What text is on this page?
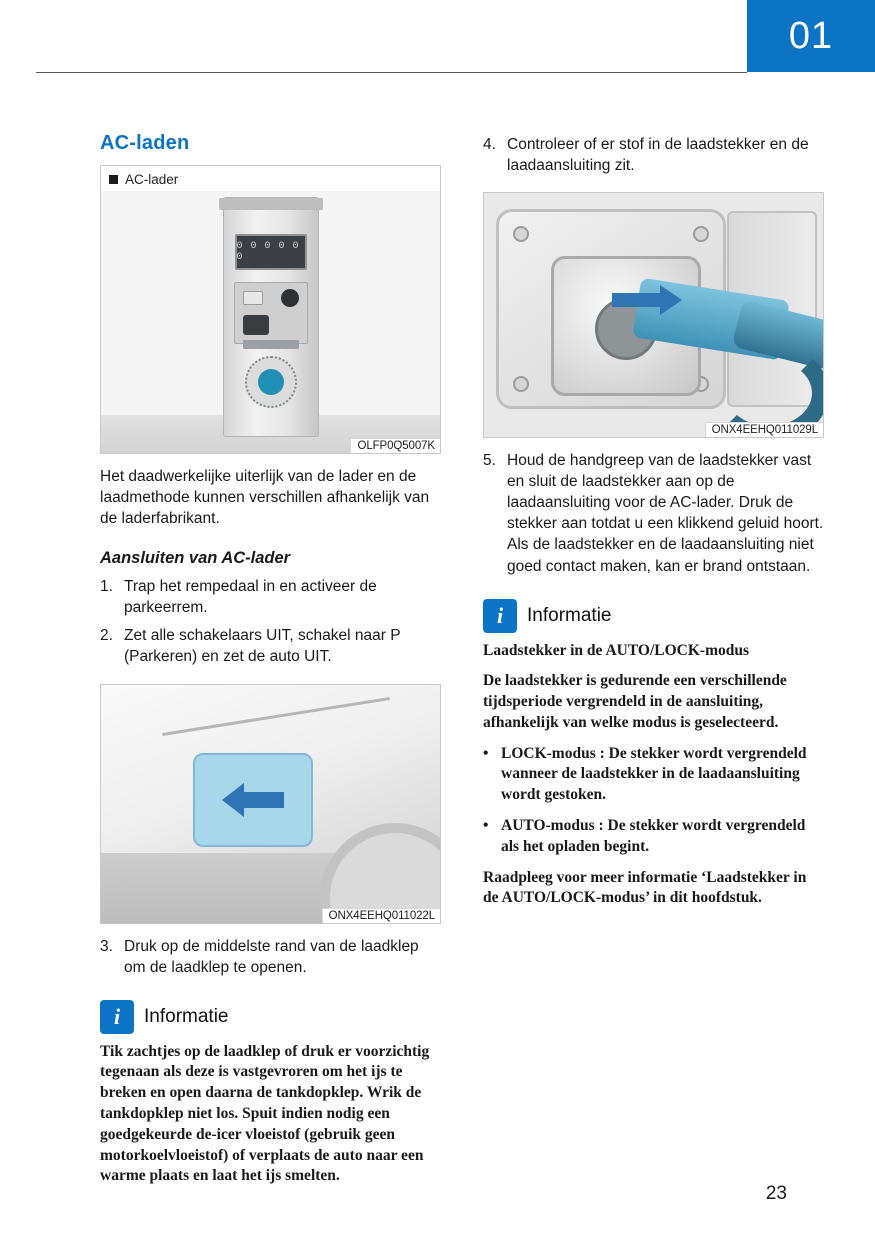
01
AC-laden
AC-lader
0 0 0 0 0 0
OLFP0Q5007K

Het daadwerkelijke uiterlijk van de lader en de laadmethode kunnen verschillen afhankelijk van de laderfabrikant.

Aansluiten van AC-lader
1. Trap het rempedaal in en activeer de parkeerrem.
2. Zet alle schakelaars UIT, schakel naar P (Parkeren) en zet de auto UIT.
ONX4EEHQ011022L
3. Druk op de middelste rand van de laadklep om de laadklep te openen.
i	Informatie

Tik zachtjes op de laadklep of druk er voorzichtig tegenaan als deze is vastgevroren om het ijs te breken en open daarna de tankdopklep. Wrik de tankdopklep niet los. Spuit indien nodig een goedgekeurde de-icer vloeistof (gebruik geen motorkoelvloeistof) of verplaats de auto naar een warme plaats en laat het ijs smelten.

4. Controleer of er stof in de laadstekker en de laadaansluiting zit.
ONX4EEHQ011029L
5. Houd de handgreep van de laadstekker vast en sluit de laadstekker aan op de laadaansluiting voor de AC-lader. Druk de stekker aan totdat u een klikkend geluid hoort. Als de laadstekker en de laadaansluiting niet goed contact maken, kan er brand ontstaan.
i	Informatie

Laadstekker in de AUTO/LOCK-modus

De laadstekker is gedurende een verschillende tijdsperiode vergrendeld in de aansluiting, afhankelijk van welke modus is geselecteerd.

• LOCK-modus : De stekker wordt vergrendeld wanneer de laadstekker in de laadaansluiting wordt gestoken.
• AUTO-modus : De stekker wordt vergrendeld als het opladen begint.

Raadpleeg voor meer informatie ‘Laadstekker in de AUTO/LOCK-modus’ in dit hoofdstuk.

23
